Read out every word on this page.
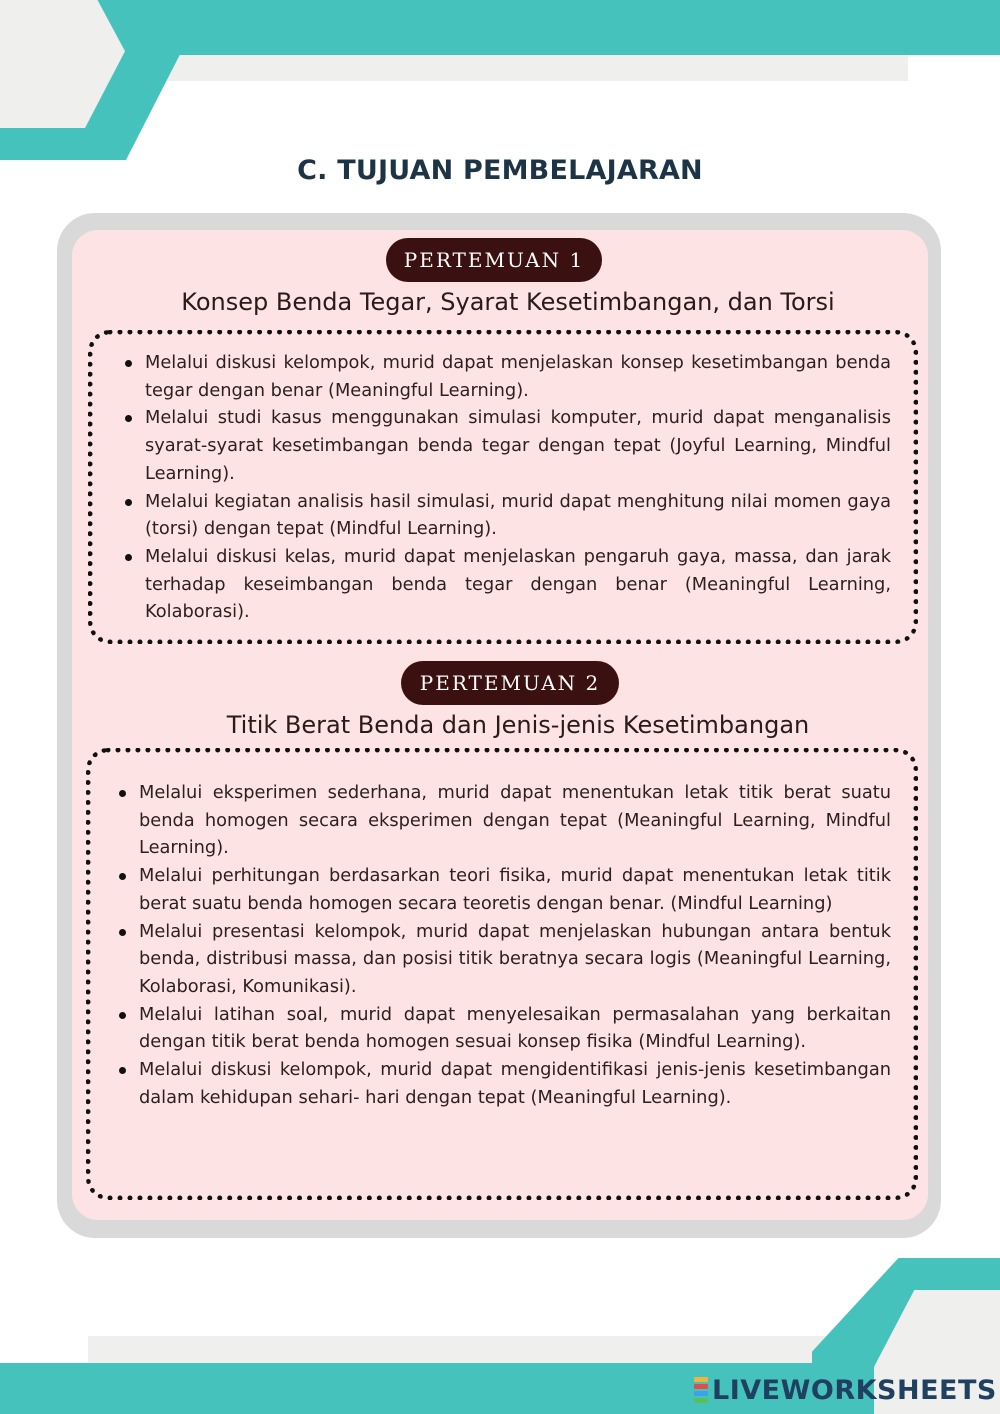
C. TUJUAN PEMBELAJARAN
PERTEMUAN 1
Konsep Benda Tegar, Syarat Kesetimbangan, dan Torsi
Melalui diskusi kelompok, murid dapat menjelaskan konsep kesetimbangan benda tegar dengan benar (Meaningful Learning).
Melalui studi kasus menggunakan simulasi komputer, murid dapat menganalisis syarat-syarat kesetimbangan benda tegar dengan tepat (Joyful Learning, Mindful Learning).
Melalui kegiatan analisis hasil simulasi, murid dapat menghitung nilai momen gaya (torsi) dengan tepat (Mindful Learning).
Melalui diskusi kelas, murid dapat menjelaskan pengaruh gaya, massa, dan jarak terhadap keseimbangan benda tegar dengan benar (Meaningful Learning, Kolaborasi).
PERTEMUAN 2
Titik Berat Benda dan Jenis-jenis Kesetimbangan
Melalui eksperimen sederhana, murid dapat menentukan letak titik berat suatu benda homogen secara eksperimen dengan tepat (Meaningful Learning, Mindful Learning).
Melalui perhitungan berdasarkan teori fisika, murid dapat menentukan letak titik berat suatu benda homogen secara teoretis dengan benar. (Mindful Learning)
Melalui presentasi kelompok, murid dapat menjelaskan hubungan antara bentuk benda, distribusi massa, dan posisi titik beratnya secara logis (Meaningful Learning, Kolaborasi, Komunikasi).
Melalui latihan soal, murid dapat menyelesaikan permasalahan yang berkaitan dengan titik berat benda homogen sesuai konsep fisika (Mindful Learning).
Melalui diskusi kelompok, murid dapat mengidentifikasi jenis-jenis kesetimbangan dalam kehidupan sehari- hari dengan tepat (Meaningful Learning).
LIVEWORKSHEETS
